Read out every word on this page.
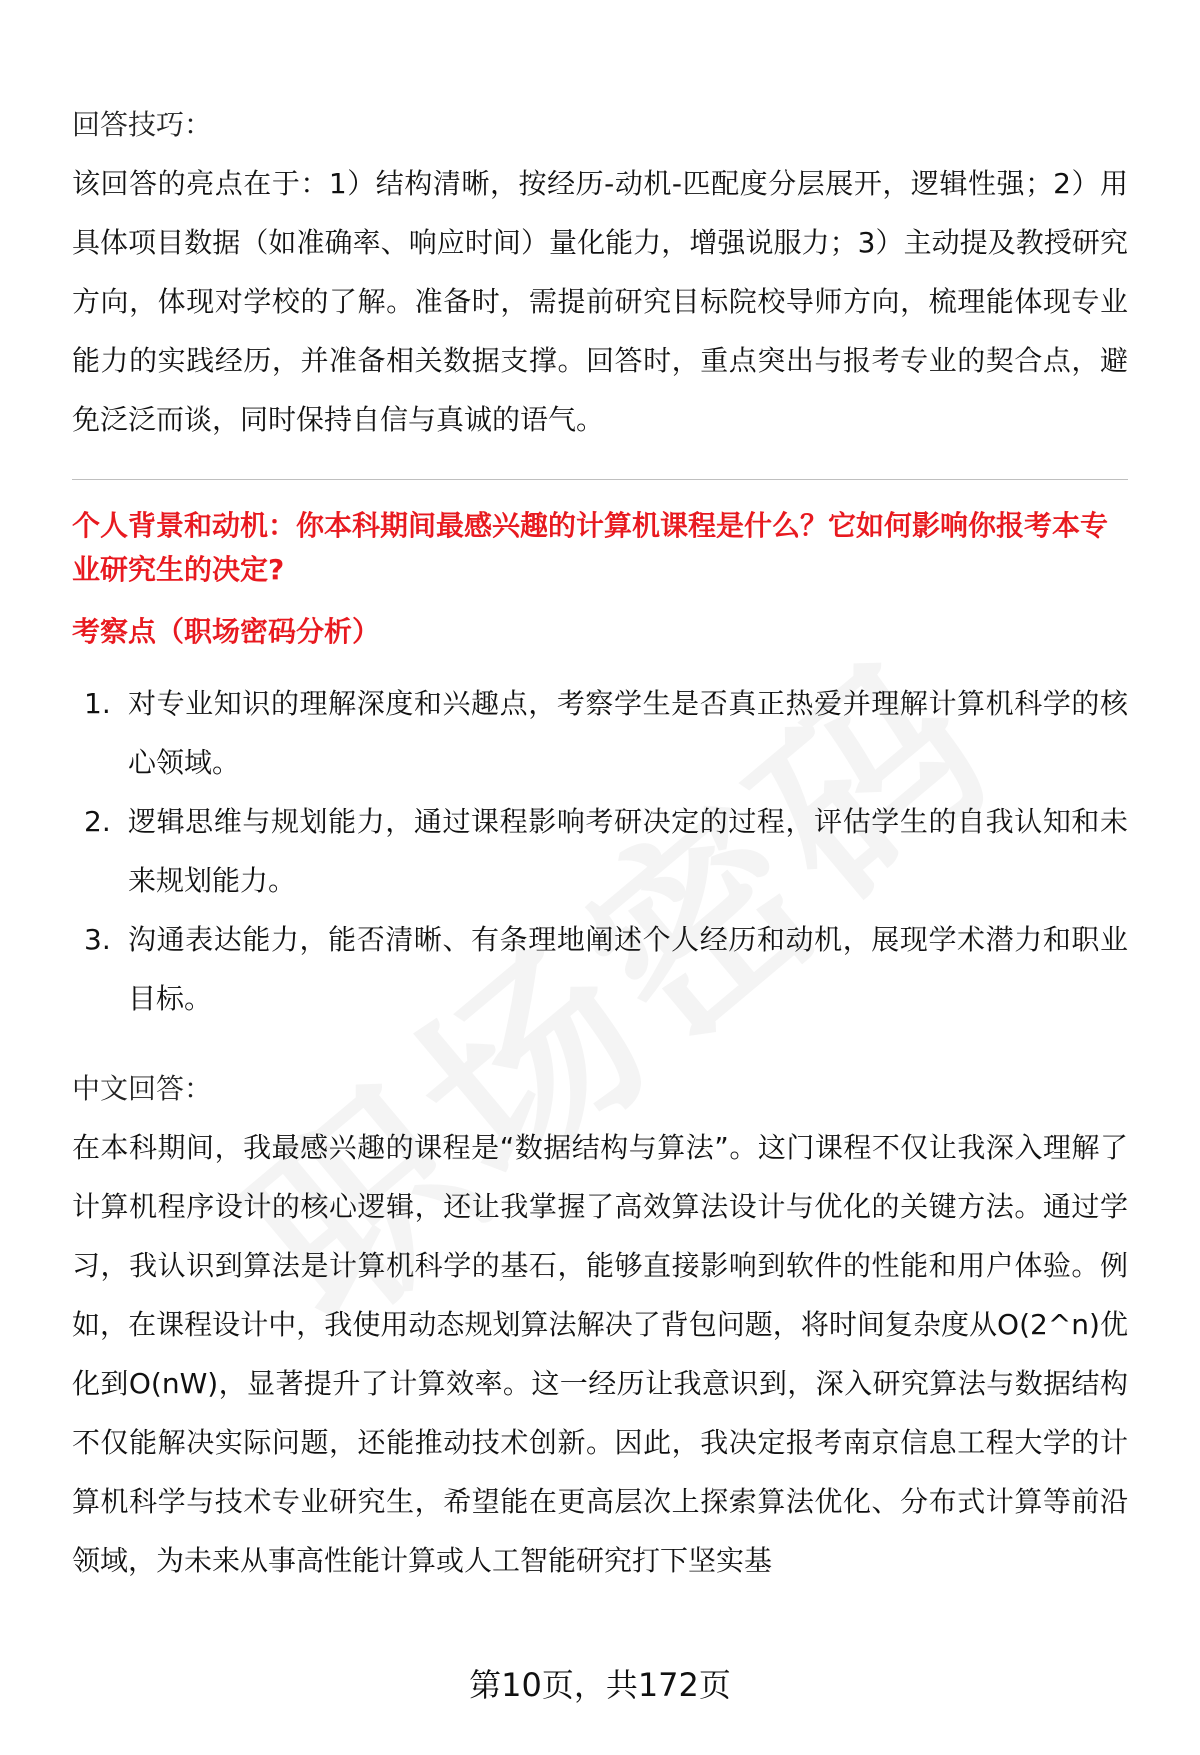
回答技巧：

该回答的亮点在于：1）结构清晰，按经历-动机-匹配度分层展开，逻辑性强；2）用具体项目数据（如准确率、响应时间）量化能力，增强说服力；3）主动提及教授研究方向，体现对学校的了解。准备时，需提前研究目标院校导师方向，梳理能体现专业能力的实践经历，并准备相关数据支撑。回答时，重点突出与报考专业的契合点，避免泛泛而谈，同时保持自信与真诚的语气。

个人背景和动机：你本科期间最感兴趣的计算机课程是什么？它如何影响你报考本专业研究生的决定?
考察点（职场密码分析）
1. 对专业知识的理解深度和兴趣点，考察学生是否真正热爱并理解计算机科学的核心领域。
2. 逻辑思维与规划能力，通过课程影响考研决定的过程，评估学生的自我认知和未来规划能力。
3. 沟通表达能力，能否清晰、有条理地阐述个人经历和动机，展现学术潜力和职业目标。

中文回答：

在本科期间，我最感兴趣的课程是“数据结构与算法”。这门课程不仅让我深入理解了计算机程序设计的核心逻辑，还让我掌握了高效算法设计与优化的关键方法。通过学习，我认识到算法是计算机科学的基石，能够直接影响到软件的性能和用户体验。例如，在课程设计中，我使用动态规划算法解决了背包问题，将时间复杂度从O(2^n)优化到O(nW)，显著提升了计算效率。这一经历让我意识到，深入研究算法与数据结构不仅能解决实际问题，还能推动技术创新。因此，我决定报考南京信息工程大学的计算机科学与技术专业研究生，希望能在更高层次上探索算法优化、分布式计算等前沿领域，为未来从事高性能计算或人工智能研究打下坚实基

第10页，共172页
